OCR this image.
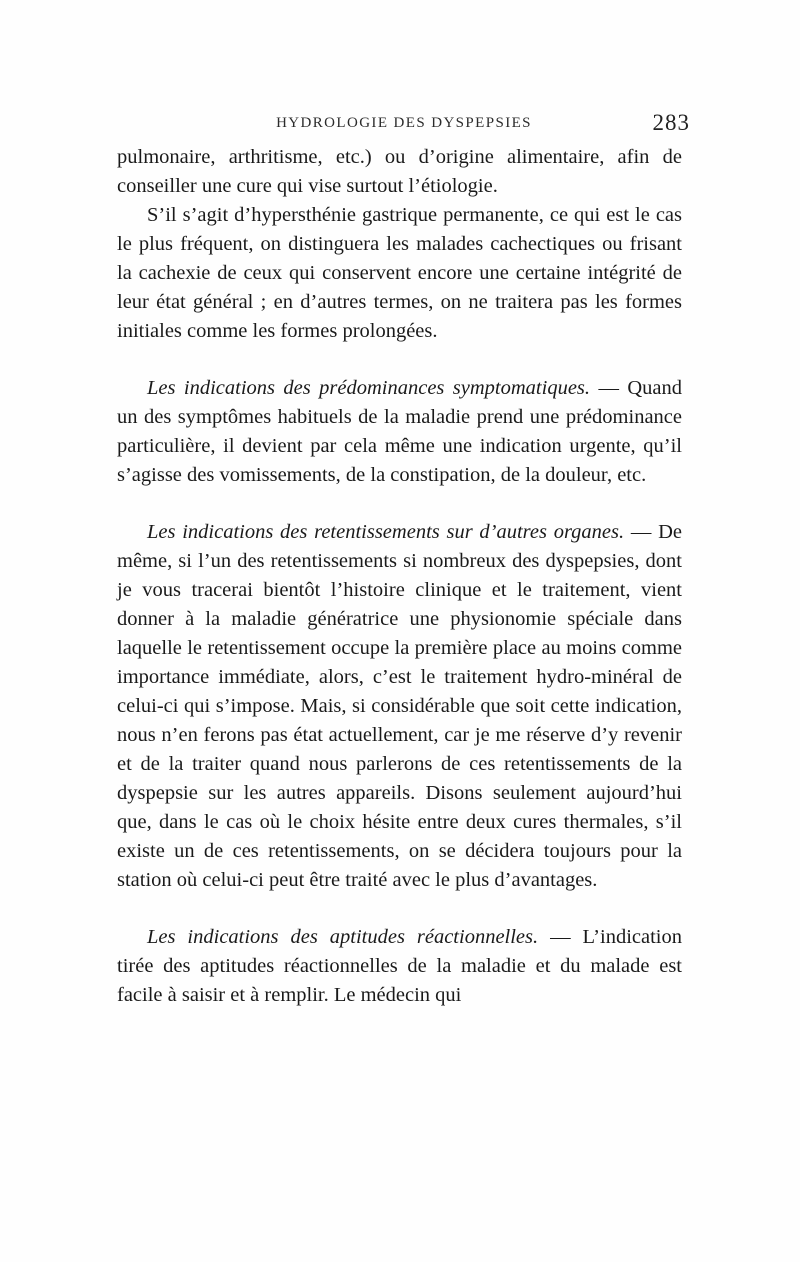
HYDROLOGIE DES DYSPEPSIES	283

pulmonaire, arthritisme, etc.) ou d’origine alimentaire, afin de conseiller une cure qui vise surtout l’étiologie.

S’il s’agit d’hypersthénie gastrique permanente, ce qui est le cas le plus fréquent, on distinguera les malades cachectiques ou frisant la cachexie de ceux qui conservent encore une certaine intégrité de leur état général ; en d’autres termes, on ne traitera pas les formes initiales comme les formes prolongées.

Les indications des prédominances symptomatiques. — Quand un des symptômes habituels de la maladie prend une prédominance particulière, il devient par cela même une indication urgente, qu’il s’agisse des vomissements, de la constipation, de la douleur, etc.

Les indications des retentissements sur d’autres organes. — De même, si l’un des retentissements si nombreux des dyspepsies, dont je vous tracerai bientôt l’histoire clinique et le traitement, vient donner à la maladie génératrice une physionomie spéciale dans laquelle le retentissement occupe la première place au moins comme importance immédiate, alors, c’est le traitement hydro-minéral de celui-ci qui s’impose. Mais, si considérable que soit cette indication, nous n’en ferons pas état actuellement, car je me réserve d’y revenir et de la traiter quand nous parlerons de ces retentissements de la dyspepsie sur les autres appareils. Disons seulement aujourd’hui que, dans le cas où le choix hésite entre deux cures thermales, s’il existe un de ces retentissements, on se décidera toujours pour la station où celui-ci peut être traité avec le plus d’avantages.

Les indications des aptitudes réactionnelles. — L’indication tirée des aptitudes réactionnelles de la maladie et du malade est facile à saisir et à remplir. Le médecin qui
